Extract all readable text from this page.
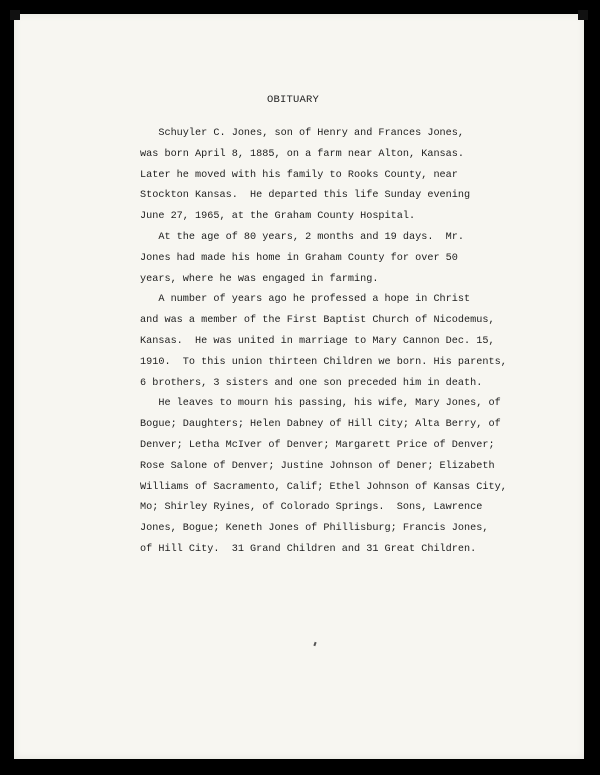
OBITUARY
Schuyler C. Jones, son of Henry and Frances Jones,
was born April 8, 1885, on a farm near Alton, Kansas.
Later he moved with his family to Rooks County, near
Stockton Kansas.  He departed this life Sunday evening
June 27, 1965, at the Graham County Hospital.
At the age of 80 years, 2 months and 19 days.  Mr.
Jones had made his home in Graham County for over 50
years, where he was engaged in farming.
A number of years ago he professed a hope in Christ
and was a member of the First Baptist Church of Nicodemus,
Kansas.  He was united in marriage to Mary Cannon Dec. 15,
1910.  To this union thirteen Children we born. His parents,
6 brothers, 3 sisters and one son preceded him in death.
He leaves to mourn his passing, his wife, Mary Jones, of
Bogue; Daughters; Helen Dabney of Hill City; Alta Berry, of
Denver; Letha McIver of Denver; Margarett Price of Denver;
Rose Salone of Denver; Justine Johnson of Dener; Elizabeth
Williams of Sacramento, Calif; Ethel Johnson of Kansas City,
Mo; Shirley Ryines, of Colorado Springs.  Sons, Lawrence
Jones, Bogue; Keneth Jones of Phillisburg; Francis Jones,
of Hill City.  31 Grand Children and 31 Great Children.
